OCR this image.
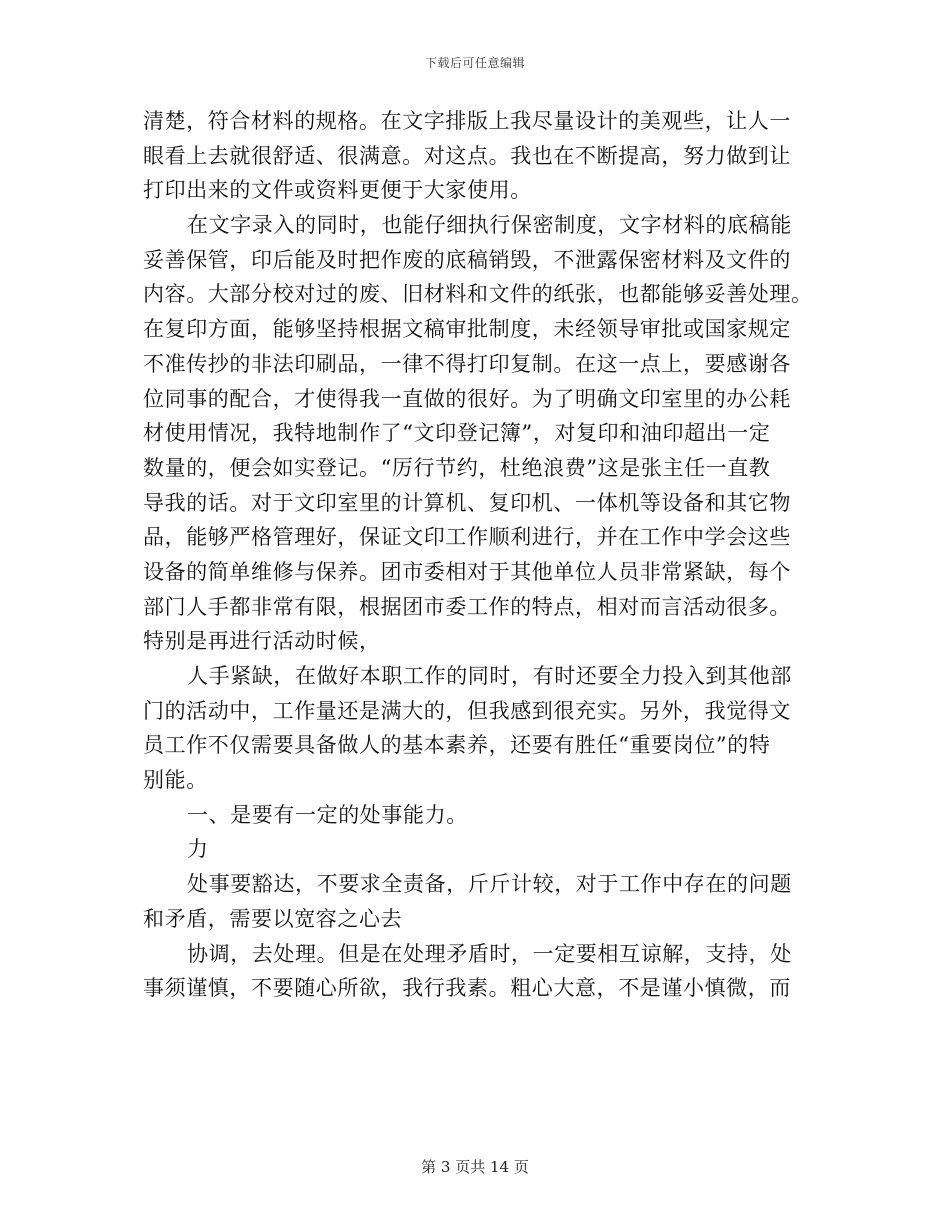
下载后可任意编辑
清楚，符合材料的规格。在文字排版上我尽量设计的美观些，让人一
眼看上去就很舒适、很满意。对这点。我也在不断提高，努力做到让
打印出来的文件或资料更便于大家使用。
在文字录入的同时，也能仔细执行保密制度，文字材料的底稿能
妥善保管，印后能及时把作废的底稿销毁，不泄露保密材料及文件的
内容。大部分校对过的废、旧材料和文件的纸张，也都能够妥善处理。
在复印方面，能够坚持根据文稿审批制度，未经领导审批或国家规定
不准传抄的非法印刷品，一律不得打印复制。在这一点上，要感谢各
位同事的配合，才使得我一直做的很好。为了明确文印室里的办公耗
材使用情况，我特地制作了“文印登记簿”，对复印和油印超出一定
数量的，便会如实登记。“厉行节约，杜绝浪费”这是张主任一直教
导我的话。对于文印室里的计算机、复印机、一体机等设备和其它物
品，能够严格管理好，保证文印工作顺利进行，并在工作中学会这些
设备的简单维修与保养。团市委相对于其他单位人员非常紧缺，每个
部门人手都非常有限，根据团市委工作的特点，相对而言活动很多。
特别是再进行活动时候，
人手紧缺，在做好本职工作的同时，有时还要全力投入到其他部
门的活动中，工作量还是满大的，但我感到很充实。另外，我觉得文
员工作不仅需要具备做人的基本素养，还要有胜任“重要岗位”的特
别能。
一、是要有一定的处事能力。
力
处事要豁达，不要求全责备，斤斤计较，对于工作中存在的问题
和矛盾，需要以宽容之心去
协调，去处理。但是在处理矛盾时，一定要相互谅解，支持，处
事须谨慎，不要随心所欲，我行我素。粗心大意，不是谨小慎微，而
第 3 页共 14 页
